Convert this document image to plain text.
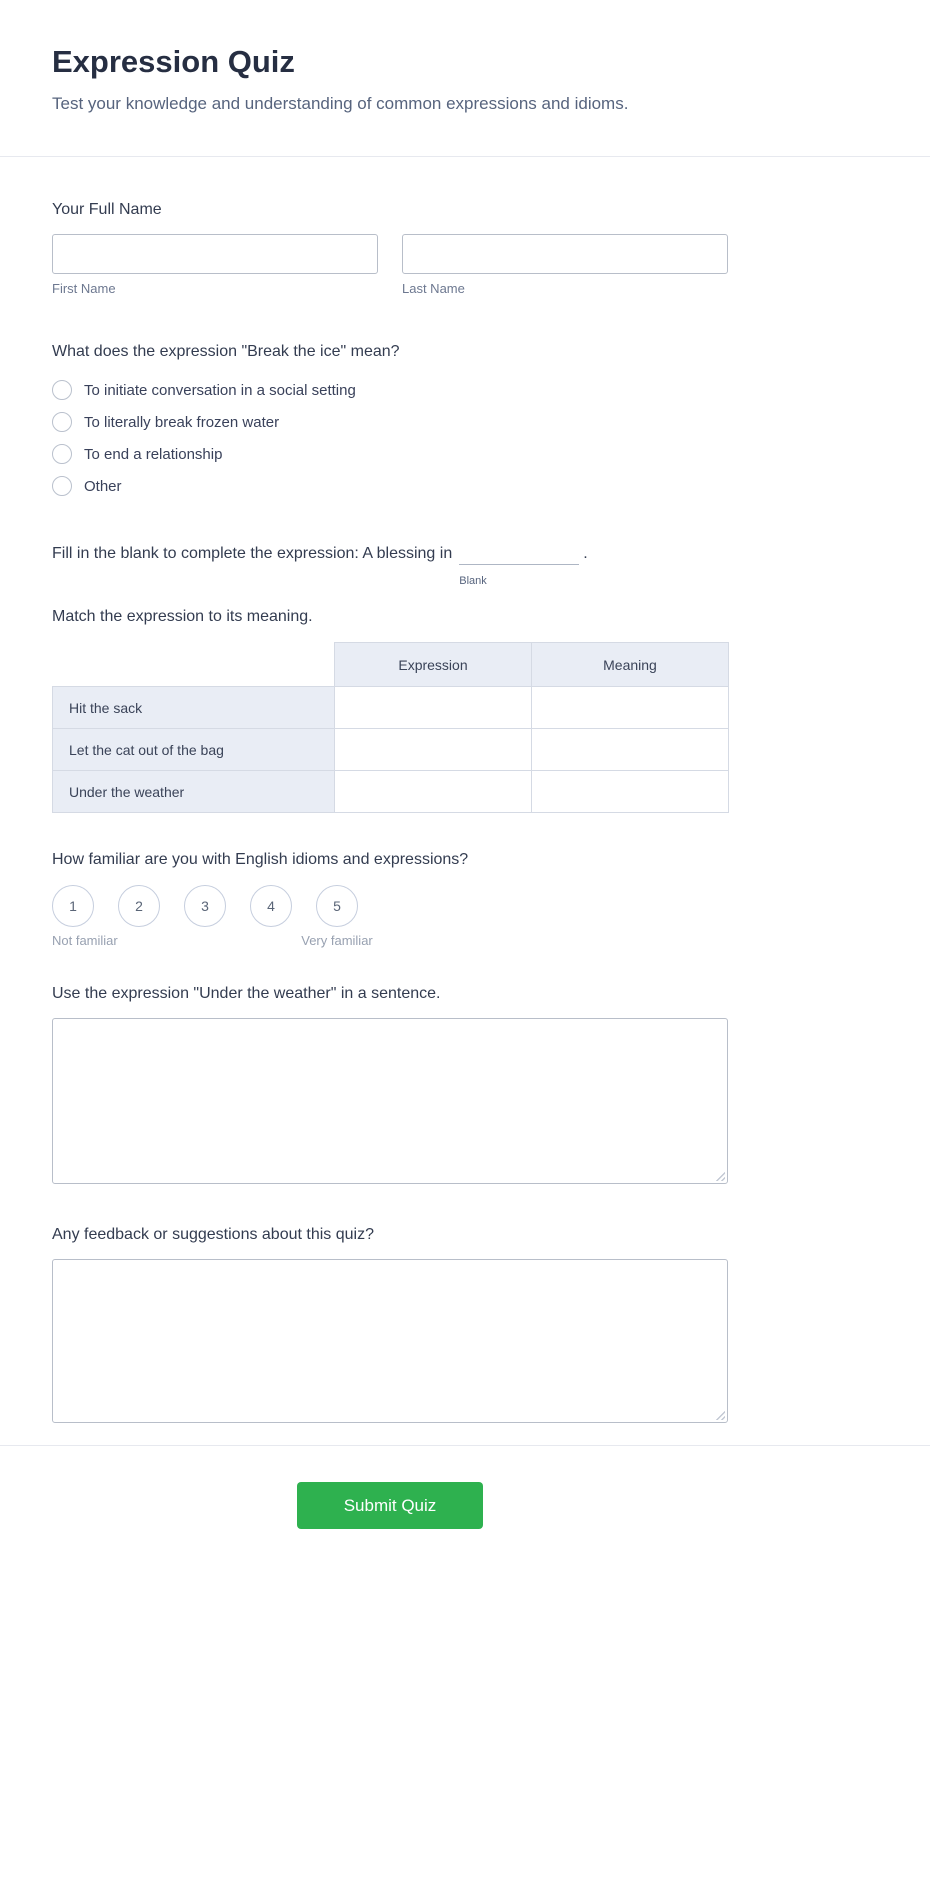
Expression Quiz

Test your knowledge and understanding of common expressions and idioms.

Your Full Name
First Name	Last Name
What does the expression "Break the ice" mean?
To initiate conversation in a social setting
To literally break frozen water
To end a relationship
Other
Fill in the blank to complete the expression: A blessing in
Blank
.
Match the expression to its meaning.
	Expression	Meaning
Hit the sack		
Let the cat out of the bag		
Under the weather		
How familiar are you with English idioms and expressions?
1	2	3	4	5
Not familiar	Very familiar
Use the expression "Under the weather" in a sentence.
Any feedback or suggestions about this quiz?
Submit Quiz
